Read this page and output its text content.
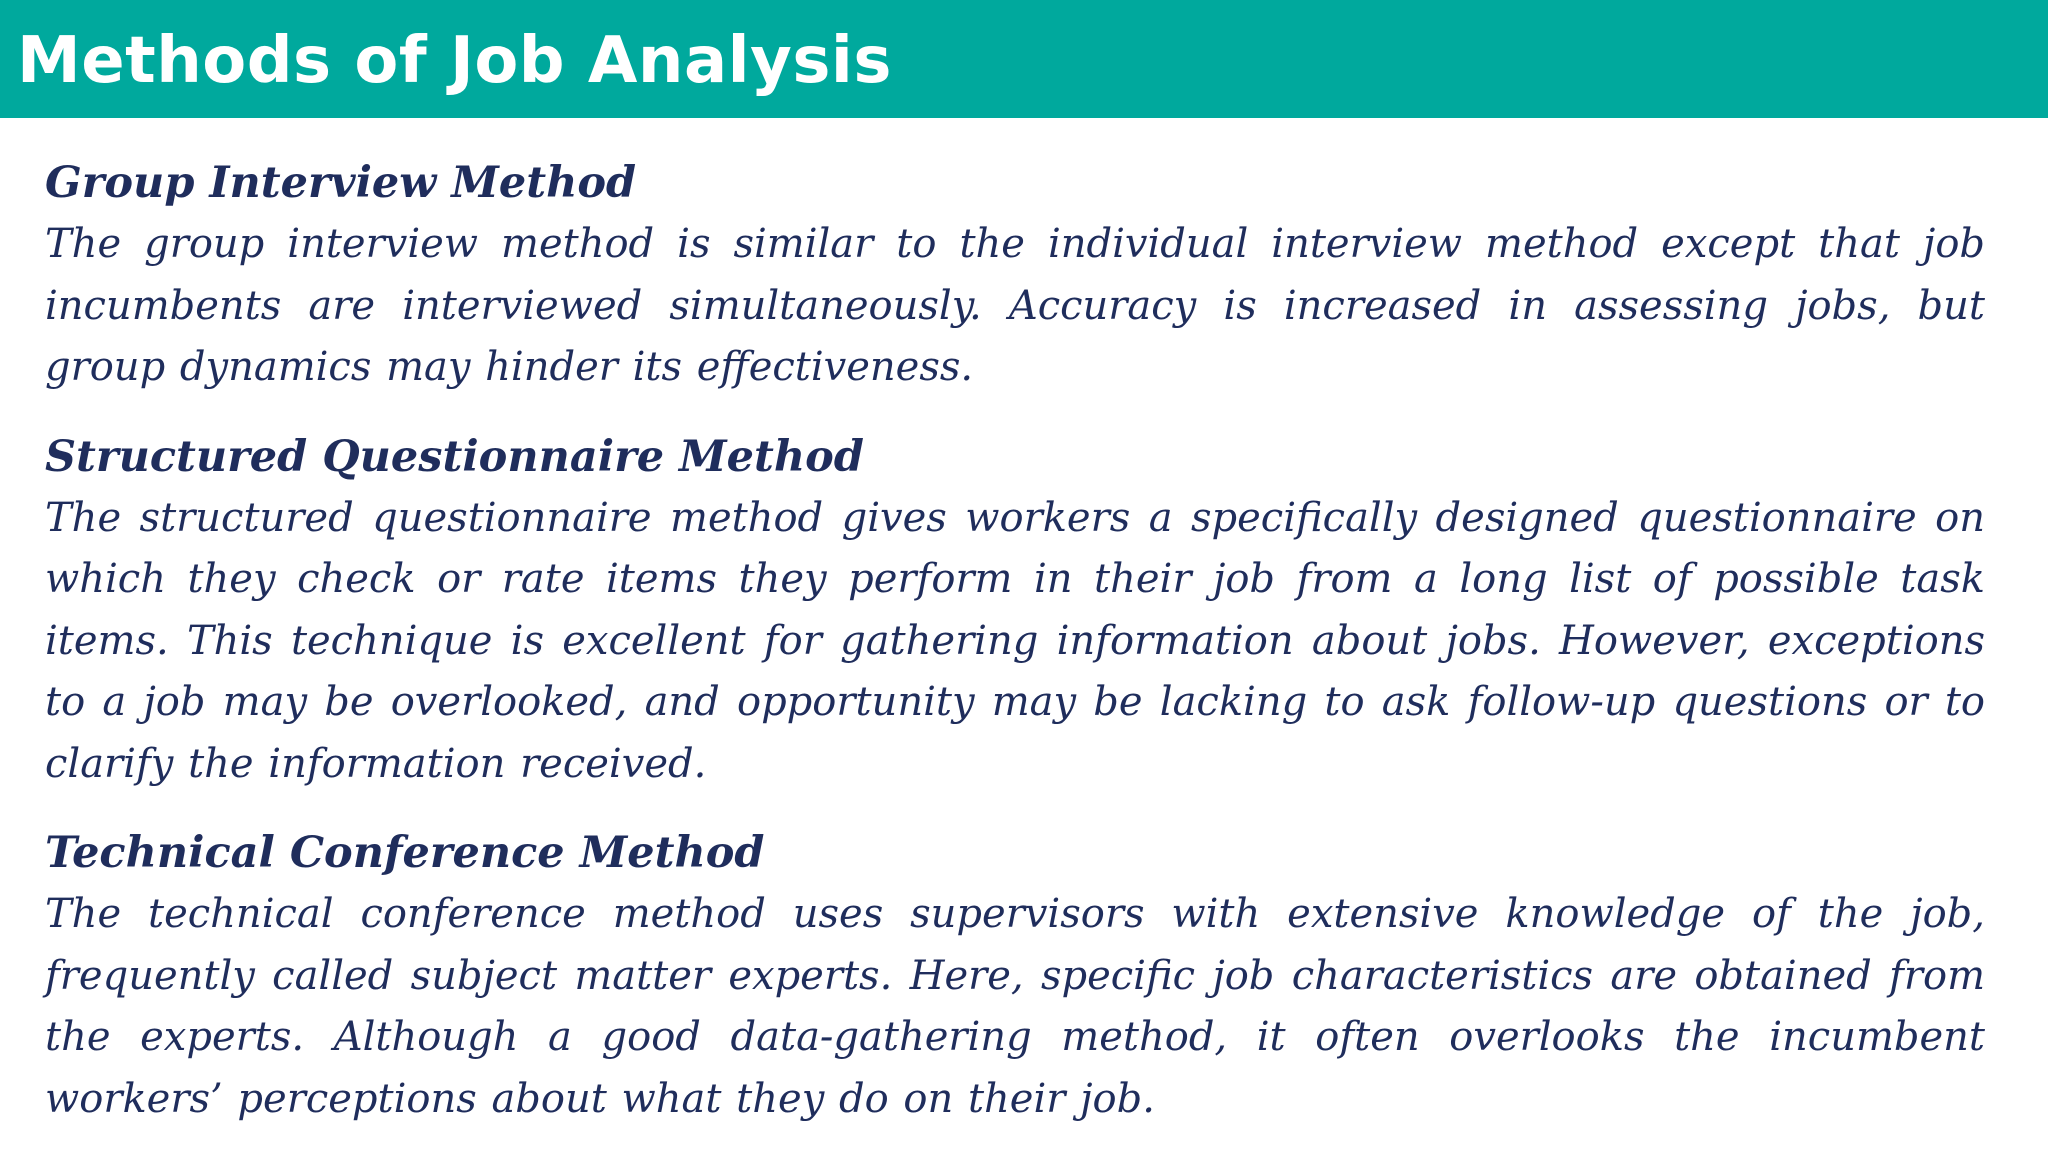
Methods of Job Analysis
Group Interview Method

The group interview method is similar to the individual interview method except that job incumbents are interviewed simultaneously. Accuracy is increased in assessing jobs, but group dynamics may hinder its effectiveness.

Structured Questionnaire Method

The structured questionnaire method gives workers a specifically designed questionnaire on which they check or rate items they perform in their job from a long list of possible task items. This technique is excellent for gathering information about jobs. However, exceptions to a job may be overlooked, and opportunity may be lacking to ask follow-up questions or to clarify the information received.

Technical Conference Method

The technical conference method uses supervisors with extensive knowledge of the job, frequently called subject matter experts. Here, specific job characteristics are obtained from the experts. Although a good data-gathering method, it often overlooks the incumbent workers’ perceptions about what they do on their job.
